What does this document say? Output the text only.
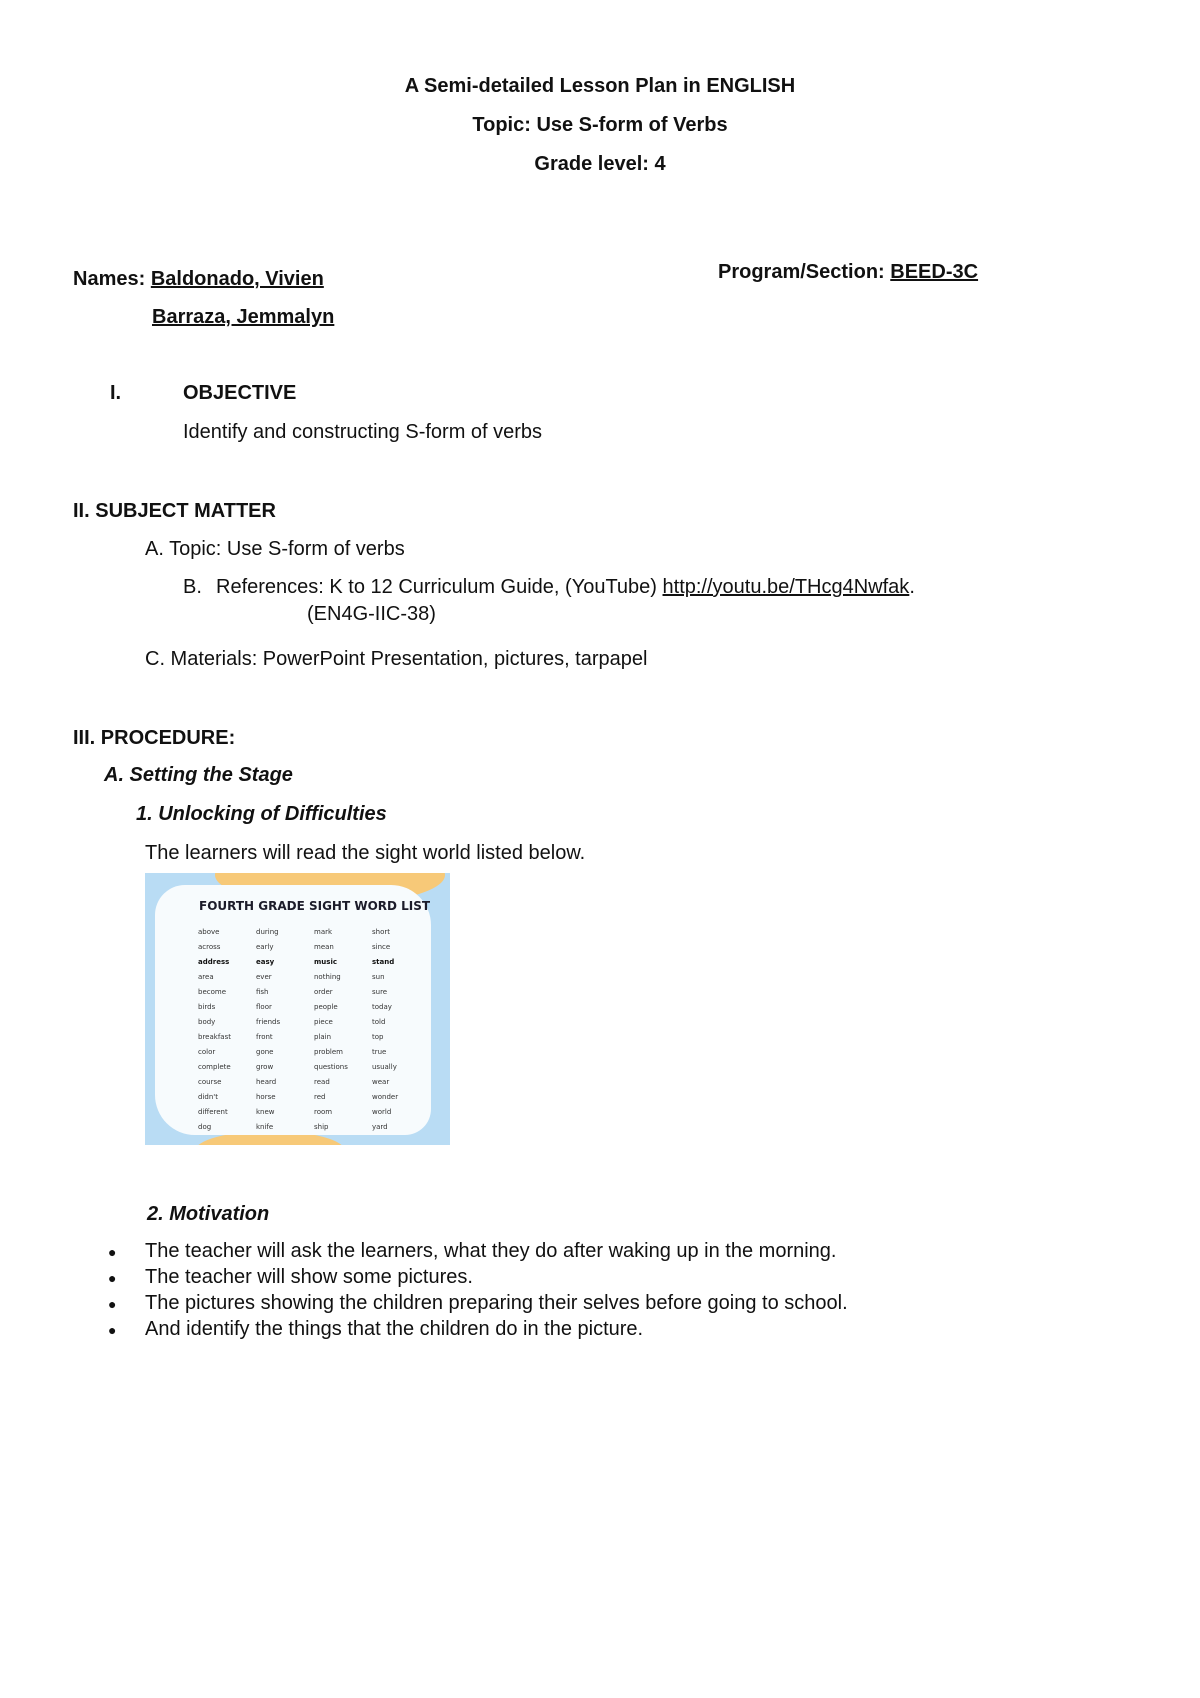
A Semi-detailed Lesson Plan in ENGLISH
Topic: Use S-form of Verbs
Grade level: 4
Names: Baldonado, Vivien
Barraza, Jemmalyn
Program/Section: BEED-3C
I.	OBJECTIVE
Identify and constructing S-form of verbs
II. SUBJECT MATTER
A. Topic: Use S-form of verbs
B. References: K to 12 Curriculum Guide, (YouTube) http://youtu.be/THcg4Nwfak.
(EN4G-IIC-38)
C. Materials: PowerPoint Presentation, pictures, tarpapel
III. PROCEDURE:
A. Setting the Stage
1. Unlocking of Difficulties
The learners will read the sight world listed below.
FOURTH GRADE SIGHT WORD LIST
above
across
address
area
become
birds
body
breakfast
color
complete
course
didn't
different
dog
during
early
easy
ever
fish
floor
friends
front
gone
grow
heard
horse
knew
knife
mark
mean
music
nothing
order
people
piece
plain
problem
questions
read
red
room
ship
short
since
stand
sun
sure
today
told
top
true
usually
wear
wonder
world
yard
2. Motivation
● The teacher will ask the learners, what they do after waking up in the morning.
● The teacher will show some pictures.
● The pictures showing the children preparing their selves before going to school.
● And identify the things that the children do in the picture.
